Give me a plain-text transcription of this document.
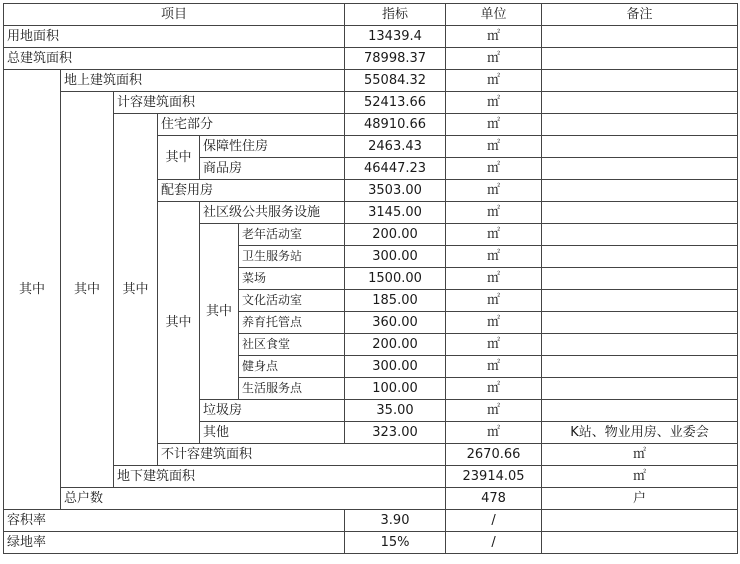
项目						指标	单位	备注	
用地面积						13439.4	㎡		
总建筑面积						78998.37	㎡		
其中	地上建筑面积					55084.32	㎡		
	其中	计容建筑面积				52413.66	㎡		
		其中	住宅部分			48910.66	㎡		
			其中	保障性住房		2463.43	㎡		
				商品房		46447.23	㎡		
			配套用房			3503.00	㎡		
			其中	社区级公共服务设施		3145.00	㎡		
				其中	老年活动室	200.00	㎡		
					卫生服务站	300.00	㎡		
					菜场	1500.00	㎡		
					文化活动室	185.00	㎡		
					养育托管点	360.00	㎡		
					社区食堂	200.00	㎡		
					健身点	300.00	㎡		
					生活服务点	100.00	㎡		
				垃圾房		35.00	㎡		
				其他		323.00	㎡	K站、物业用房、业委会	
			不计容建筑面积				2670.66	㎡	
		地下建筑面积					23914.05	㎡	
	总户数						478	户	
容积率						3.90	/		
绿地率						15%	/		
